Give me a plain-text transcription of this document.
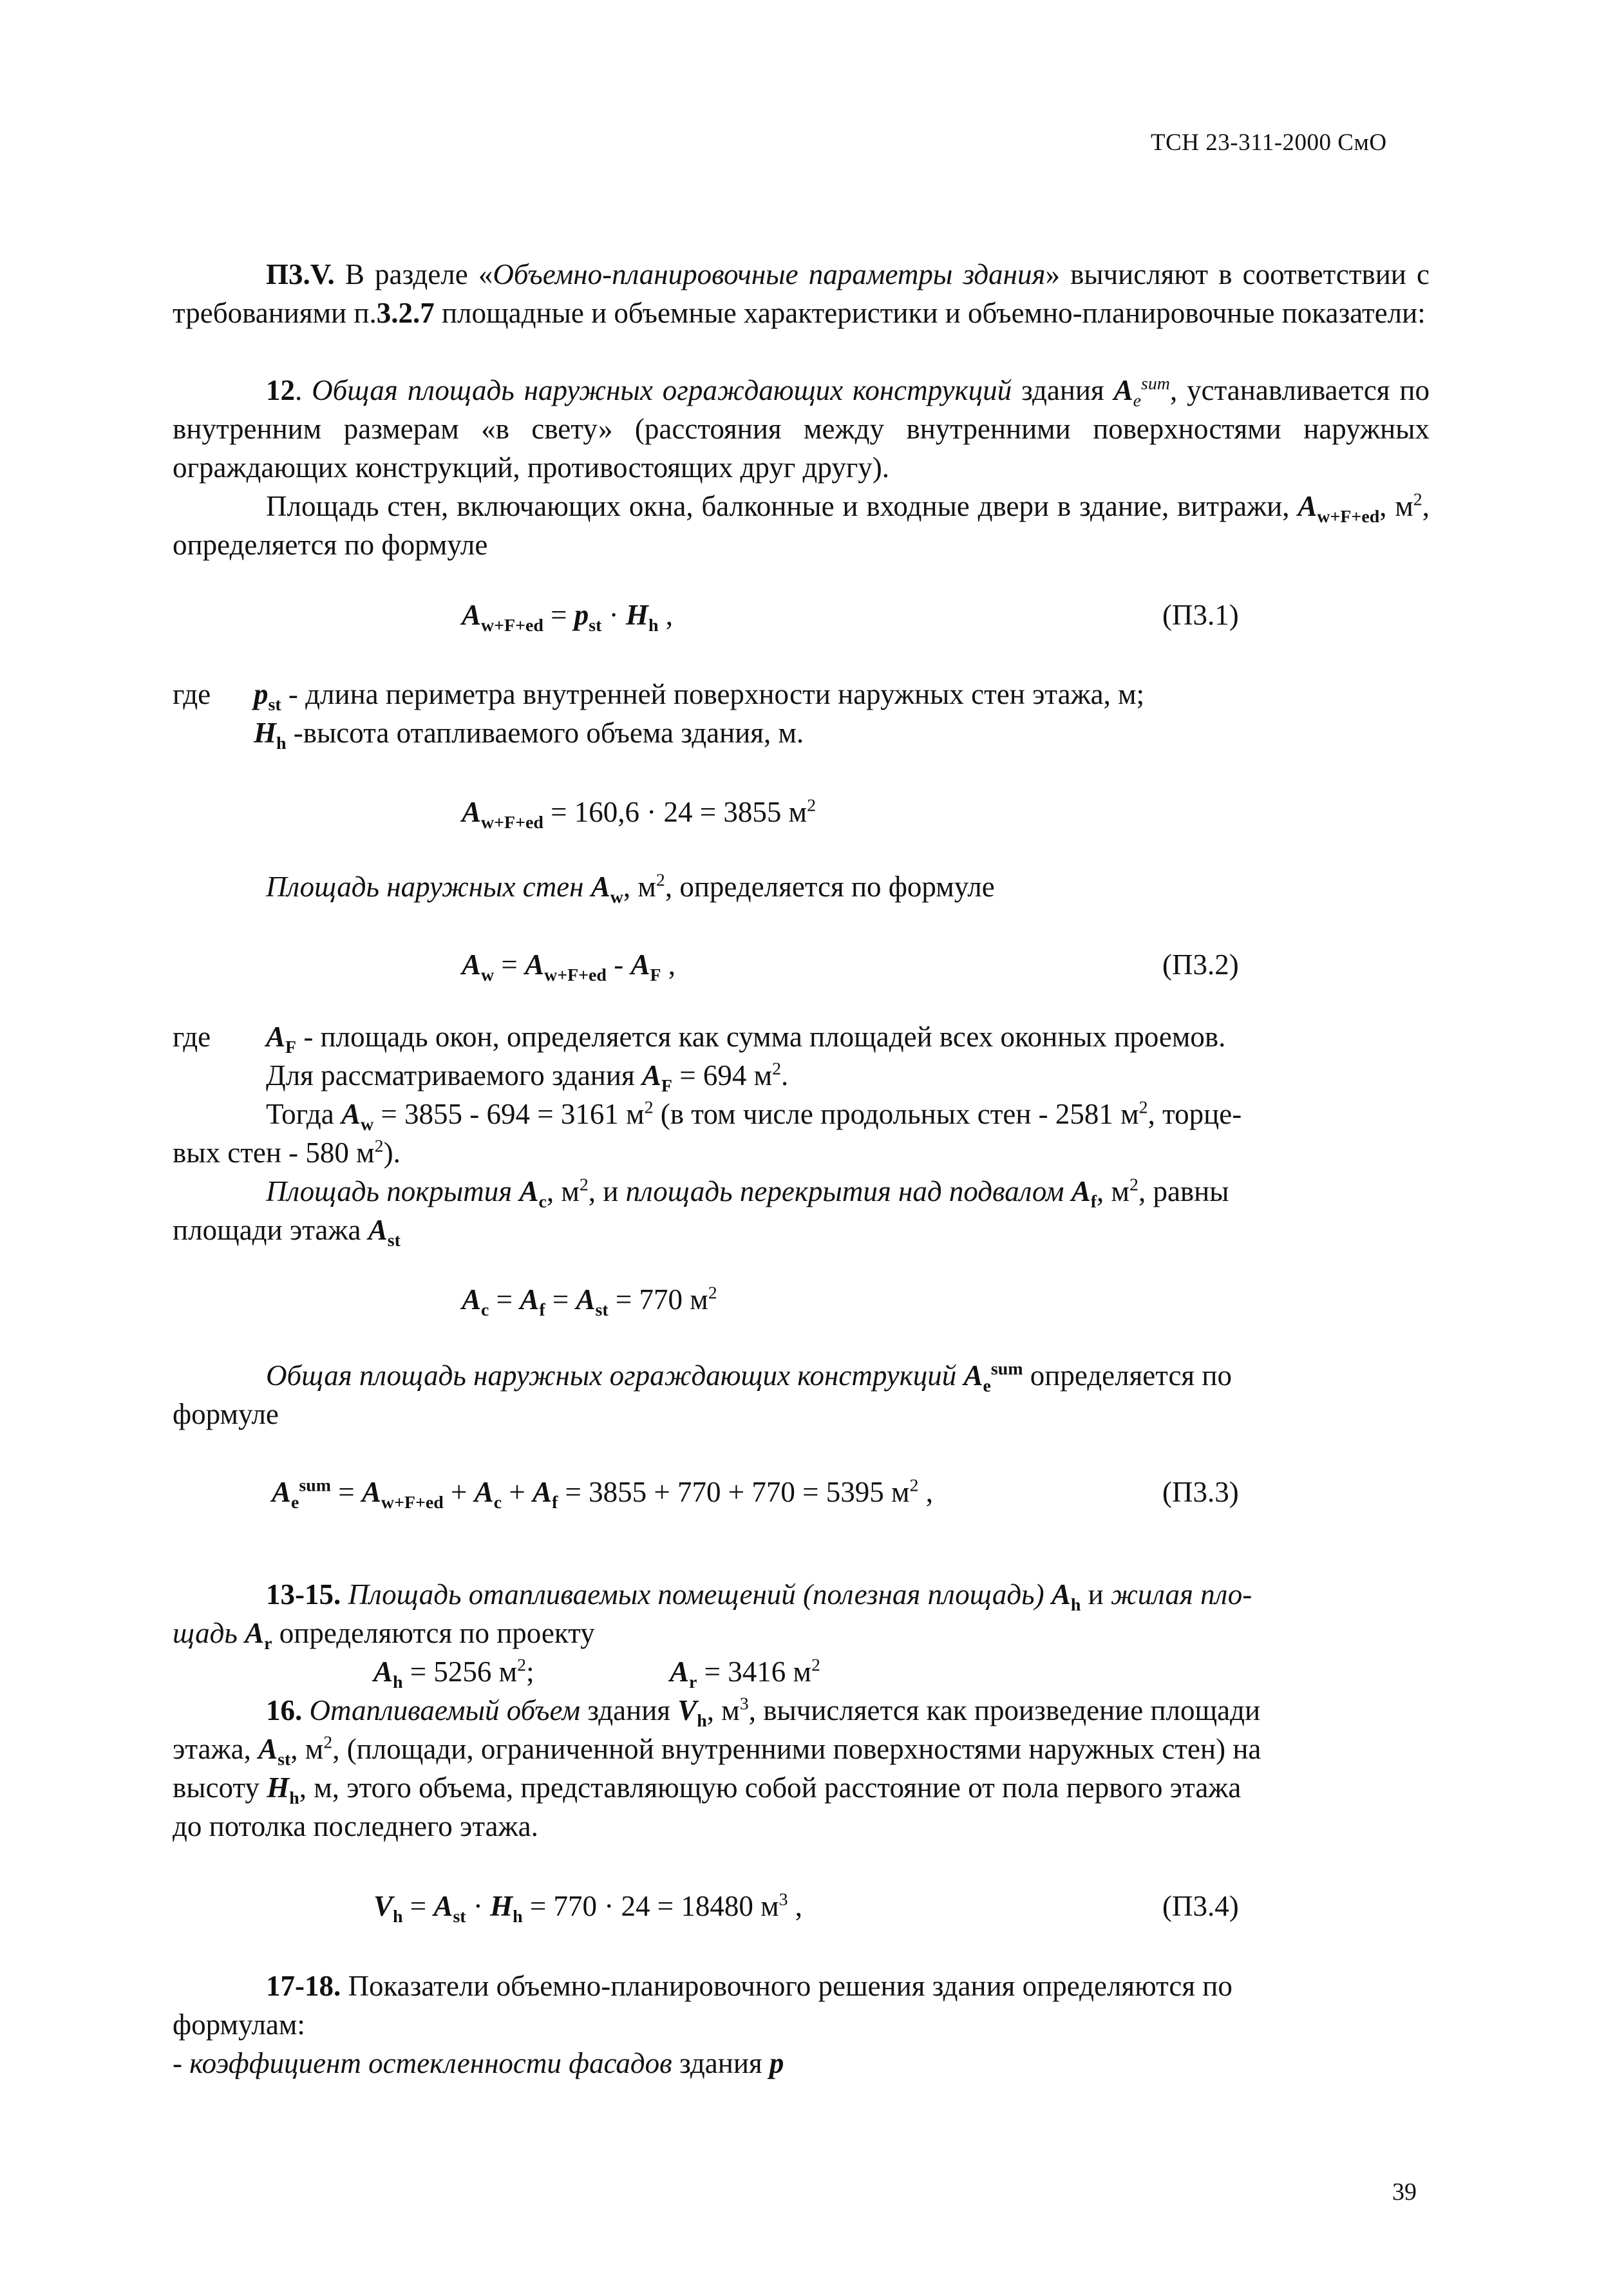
ТСН 23-311-2000 СмО

П3.V. В разделе «Объемно-планировочные параметры здания» вычисляют в соответствии с требованиями п.3.2.7 площадные и объемные характеристики и объемно-планировочные показатели:

12. Общая площадь наружных ограждающих конструкций здания $A_e^{sum}$, устанавливается по внутренним размерам «в свету» (расстояния между внутренними поверхностями наружных ограждающих конструкций, противостоящих друг другу).

Площадь стен, включающих окна, балконные и входные двери в здание, витражи, $A_{w+F+ed}$, $м^2$, определяется по формуле

$A_{w+F+ed} = p_{st} \cdot H_h$ ,	(П3.1)
где $p_{st}$ - длина периметра внутренней поверхности наружных стен этажа, м;
$H_h$ -высота отапливаемого объема здания, м.
$A_{w+F+ed} = 160,6 \cdot 24 = 3855$ $м^2$
Площадь наружных стен $A_w$, $м^2$, определяется по формуле
$A_w = A_{w+F+ed} - A_F$ ,	(П3.2)
где $A_F$ - площадь окон, определяется как сумма площадей всех оконных проемов.
Для рассматриваемого здания $A_F = 694$ $м^2$.
Тогда $A_w = 3855 - 694 = 3161$ $м^2$ (в том числе продольных стен - 2581 $м^2$, торце-
вых стен - 580 $м^2$).
Площадь покрытия $A_c$, $м^2$, и площадь перекрытия над подвалом $A_f$, $м^2$, равны
площади этажа $A_{st}$
$A_c = A_f = A_{st} = 770$ $м^2$
Общая площадь наружных ограждающих конструкций $A_e^{sum}$ определяется по
формуле
$A_e^{sum} = A_{w+F+ed} + A_c + A_f = 3855 + 770 + 770 = 5395$ $м^2$ ,	(П3.3)
13-15. Площадь отапливаемых помещений (полезная площадь) $A_h$ и жилая пло-
щадь $A_r$ определяются по проекту
$A_h = 5256$ $м^2$;	$A_r = 3416$ $м^2$
16. Отапливаемый объем здания $V_h$, $м^3$, вычисляется как произведение площади
этажа, $A_{st}$, $м^2$, (площади, ограниченной внутренними поверхностями наружных стен) на
высоту $H_h$, м, этого объема, представляющую собой расстояние от пола первого этажа
до потолка последнего этажа.
$V_h = A_{st} \cdot H_h = 770 \cdot 24 = 18480$ $м^3$ ,	(П3.4)
17-18. Показатели объемно-планировочного решения здания определяются по
формулам:
- коэффициент остекленности фасадов здания p
39
